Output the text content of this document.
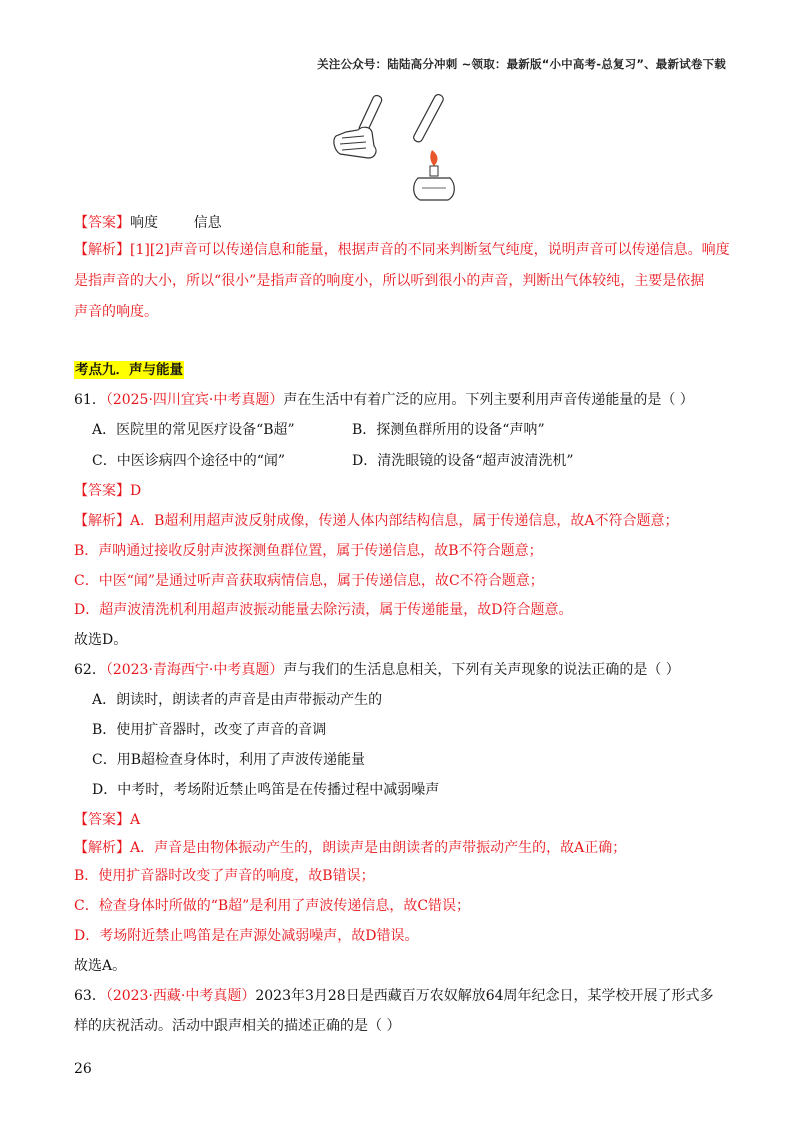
关注公众号：陆陆高分冲刺 ~领取：最新版“小中高考-总复习”、最新试卷下载
【答案】响度        信息
【解析】[1][2]声音可以传递信息和能量，根据声音的不同来判断氢气纯度，说明声音可以传递信息。响度
是指声音的大小，所以“很小”是指声音的响度小，所以听到很小的声音，判断出气体较纯，主要是依据
声音的响度。
考点九．声与能量
61．（2025·四川宜宾·中考真题）声在生活中有着广泛的应用。下列主要利用声音传递能量的是（ ）
A．医院里的常见医疗设备“B超”	B．探测鱼群所用的设备“声呐”
C．中医诊病四个途径中的“闻”	D．清洗眼镜的设备“超声波清洗机”
【答案】D
【解析】A．B超利用超声波反射成像，传递人体内部结构信息，属于传递信息，故A不符合题意；
B．声呐通过接收反射声波探测鱼群位置，属于传递信息，故B不符合题意；
C．中医“闻”是通过听声音获取病情信息，属于传递信息，故C不符合题意；
D．超声波清洗机利用超声波振动能量去除污渍，属于传递能量，故D符合题意。
故选D。
62．（2023·青海西宁·中考真题）声与我们的生活息息相关，下列有关声现象的说法正确的是（ ）
A．朗读时，朗读者的声音是由声带振动产生的
B．使用扩音器时，改变了声音的音调
C．用B超检查身体时，利用了声波传递能量
D．中考时，考场附近禁止鸣笛是在传播过程中减弱噪声
【答案】A
【解析】A．声音是由物体振动产生的，朗读声是由朗读者的声带振动产生的，故A正确；
B．使用扩音器时改变了声音的响度，故B错误；
C．检查身体时所做的“B超”是利用了声波传递信息，故C错误；
D．考场附近禁止鸣笛是在声源处减弱噪声，故D错误。
故选A。
63．（2023·西藏·中考真题）2023年3月28日是西藏百万农奴解放64周年纪念日，某学校开展了形式多
样的庆祝活动。活动中跟声相关的描述正确的是（ ）
26
